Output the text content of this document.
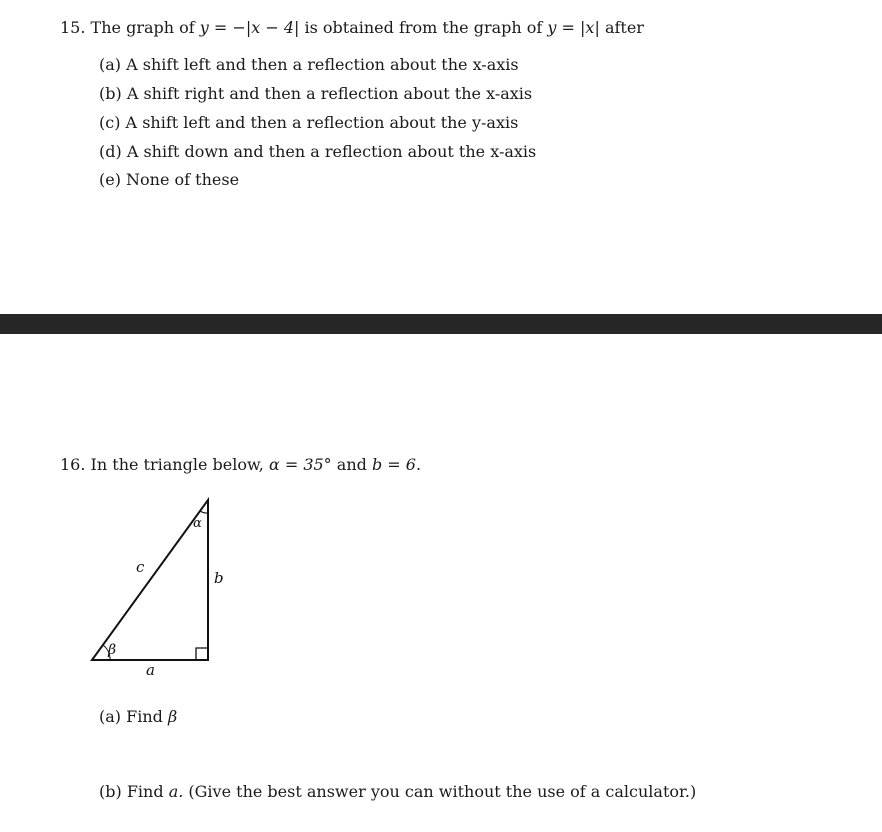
15. The graph of y = −|x − 4| is obtained from the graph of y = |x| after
(a) A shift left and then a reflection about the x-axis
(b) A shift right and then a reflection about the x-axis
(c) A shift left and then a reflection about the y-axis
(d) A shift down and then a reflection about the x-axis
(e) None of these
16. In the triangle below, α = 35° and b = 6.
c
b
a
α
β
(a) Find β
(b) Find a. (Give the best answer you can without the use of a calculator.)
